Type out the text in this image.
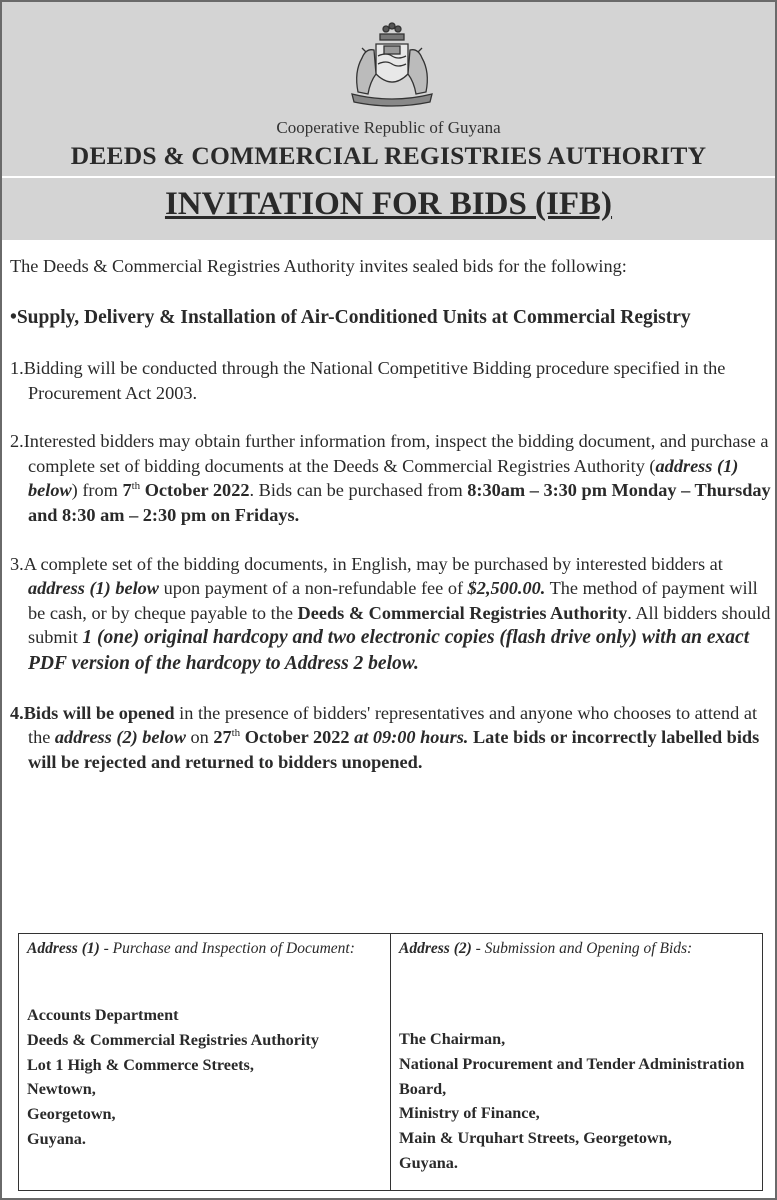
Cooperative Republic of Guyana
DEEDS & COMMERCIAL REGISTRIES AUTHORITY
INVITATION FOR BIDS (IFB)

The Deeds & Commercial Registries Authority invites sealed bids for the following:

•Supply, Delivery & Installation of Air-Conditioned Units at Commercial Registry

1.Bidding will be conducted through the National Competitive Bidding procedure specified in the Procurement Act 2003.

2.Interested bidders may obtain further information from, inspect the bidding document, and purchase a complete set of bidding documents at the Deeds & Commercial Registries Authority (address (1) below) from 7th October 2022. Bids can be purchased from 8:30am – 3:30 pm Monday – Thursday and 8:30 am – 2:30 pm on Fridays.

3.A complete set of the bidding documents, in English, may be purchased by interested bidders at address (1) below upon payment of a non-refundable fee of $2,500.00. The method of payment will be cash, or by cheque payable to the Deeds & Commercial Registries Authority. All bidders should submit 1 (one) original hardcopy and two electronic copies (flash drive only) with an exact PDF version of the hardcopy to Address 2 below.

4.Bids will be opened in the presence of bidders' representatives and anyone who chooses to attend at the address (2) below on 27th October 2022 at 09:00 hours. Late bids or incorrectly labelled bids will be rejected and returned to bidders unopened.

Address (1) - Purchase and Inspection of Document:

Accounts Department
Deeds & Commercial Registries Authority
Lot 1 High & Commerce Streets,
Newtown,
Georgetown,
Guyana.

Address (2) - Submission and Opening of Bids:

The Chairman,
National Procurement and Tender Administration Board,
Ministry of Finance,
Main & Urquhart Streets, Georgetown,
Guyana.
